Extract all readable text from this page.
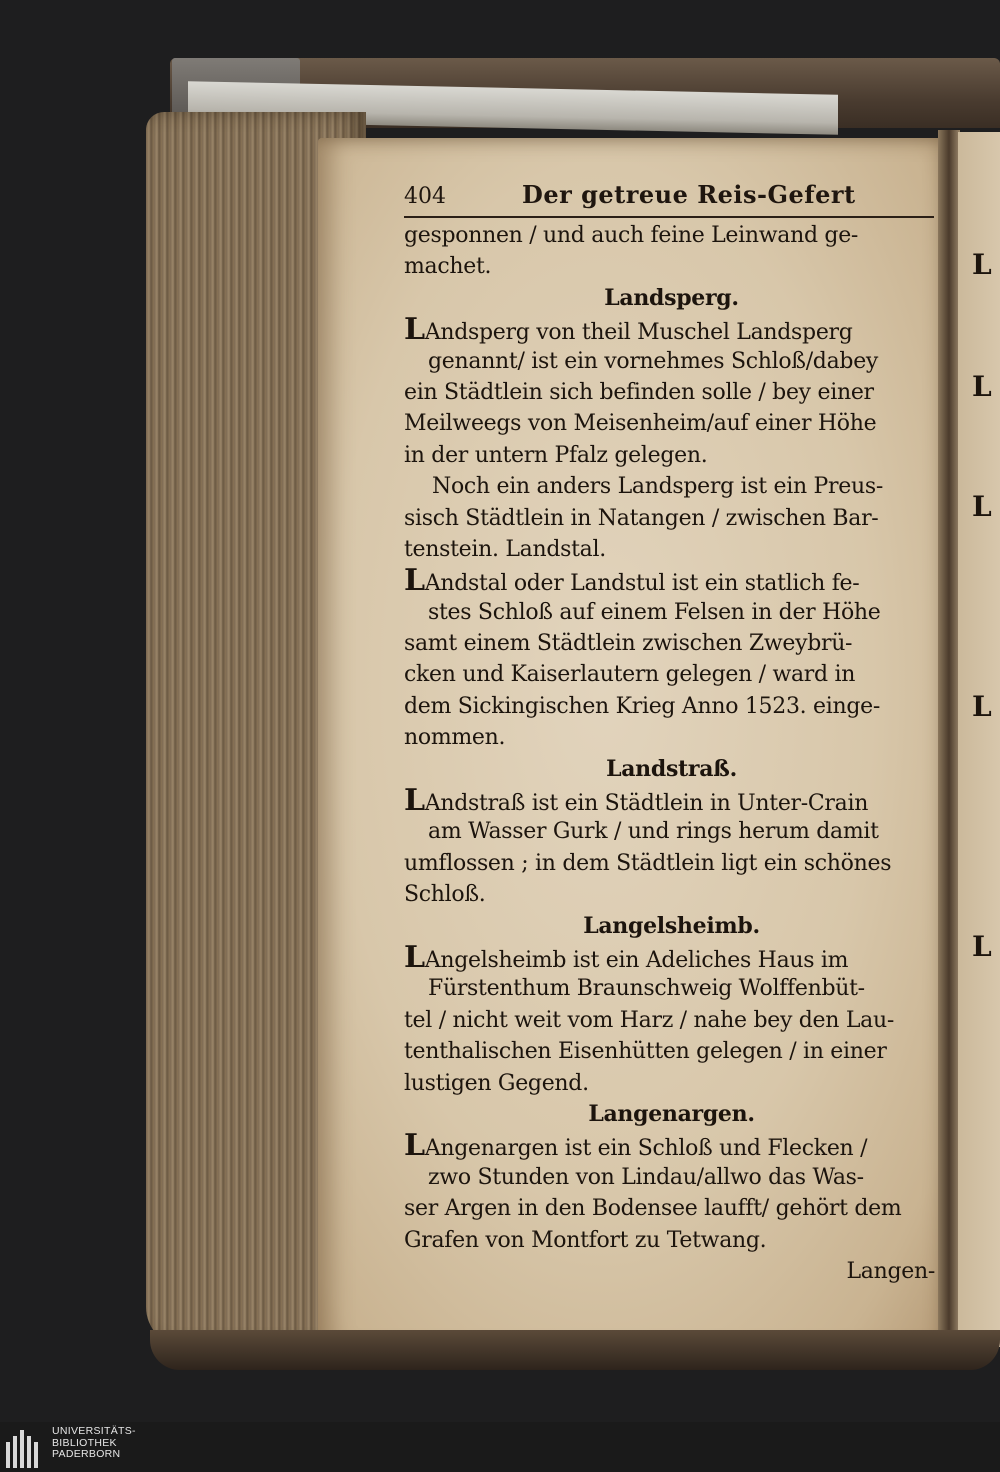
404	Der getreue Reis-Gefert
gesponnen / und auch feine Leinwand ge-
machet.
Landsperg.
LAndsperg von theil Muschel Landsperg
genannt/ ist ein vornehmes Schloß/dabey
ein Städtlein sich befinden solle / bey einer
Meilweegs von Meisenheim/auf einer Höhe
in der untern Pfalz gelegen.
Noch ein anders Landsperg ist ein Preus-
sisch Städtlein in Natangen / zwischen Bar-
tenstein. Landstal.
LAndstal oder Landstul ist ein statlich fe-
stes Schloß auf einem Felsen in der Höhe
samt einem Städtlein zwischen Zweybrü-
cken und Kaiserlautern gelegen / ward in
dem Sickingischen Krieg Anno 1523. einge-
nommen.
Landstraß.
LAndstraß ist ein Städtlein in Unter-Crain
am Wasser Gurk / und rings herum damit
umflossen ; in dem Städtlein ligt ein schönes
Schloß.
Langelsheimb.
LAngelsheimb ist ein Adeliches Haus im
Fürstenthum Braunschweig Wolffenbüt-
tel / nicht weit vom Harz / nahe bey den Lau-
tenthalischen Eisenhütten gelegen / in einer
lustigen Gegend.
Langenargen.
LAngenargen ist ein Schloß und Flecken /
zwo Stunden von Lindau/allwo das Was-
ser Argen in den Bodensee laufft/ gehört dem
Grafen von Montfort zu Tetwang.
Langen-
L
L
L
L
L
UNIVERSITÄTS-
BIBLIOTHEK
PADERBORN
